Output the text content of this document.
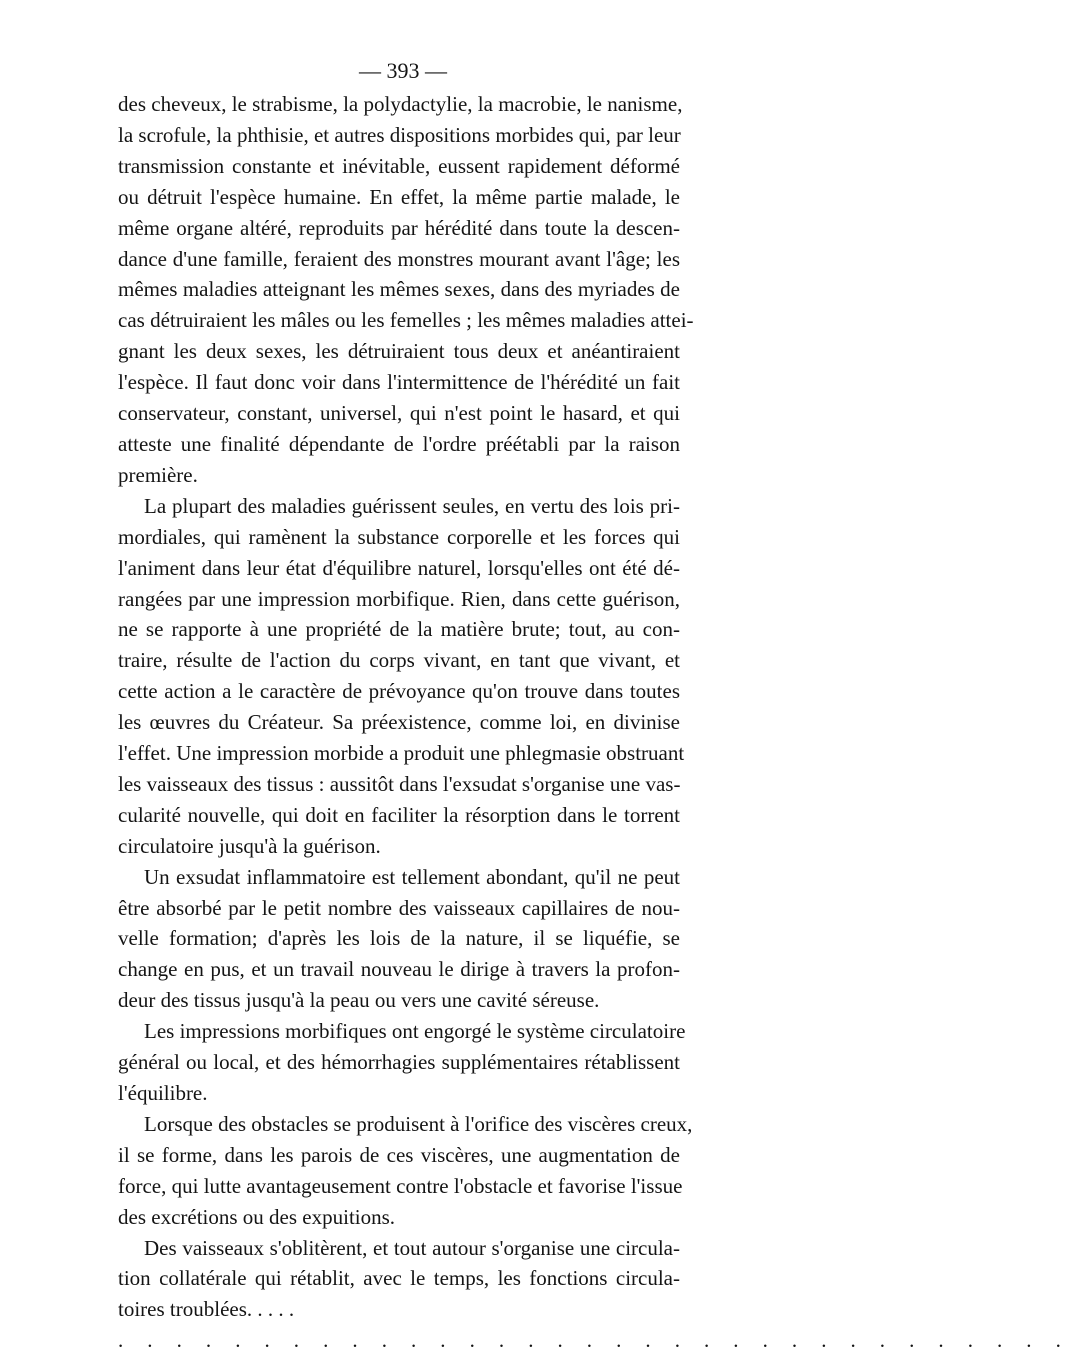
— 393 —
des cheveux, le strabisme, la polydactylie, la macrobie, le nanisme,
la scrofule, la phthisie, et autres dispositions morbides qui, par leur
transmission constante et inévitable, eussent rapidement déformé
ou détruit l'espèce humaine. En effet, la même partie malade, le
même organe altéré, reproduits par hérédité dans toute la descen-
dance d'une famille, feraient des monstres mourant avant l'âge; les
mêmes maladies atteignant les mêmes sexes, dans des myriades de
cas détruiraient les mâles ou les femelles ; les mêmes maladies attei-
gnant les deux sexes, les détruiraient tous deux et anéantiraient
l'espèce. Il faut donc voir dans l'intermittence de l'hérédité un fait
conservateur, constant, universel, qui n'est point le hasard, et qui
atteste une finalité dépendante de l'ordre préétabli par la raison
première.
La plupart des maladies guérissent seules, en vertu des lois pri-
mordiales, qui ramènent la substance corporelle et les forces qui
l'animent dans leur état d'équilibre naturel, lorsqu'elles ont été dé-
rangées par une impression morbifique. Rien, dans cette guérison,
ne se rapporte à une propriété de la matière brute; tout, au con-
traire, résulte de l'action du corps vivant, en tant que vivant, et
cette action a le caractère de prévoyance qu'on trouve dans toutes
les œuvres du Créateur. Sa préexistence, comme loi, en divinise
l'effet. Une impression morbide a produit une phlegmasie obstruant
les vaisseaux des tissus : aussitôt dans l'exsudat s'organise une vas-
cularité nouvelle, qui doit en faciliter la résorption dans le torrent
circulatoire jusqu'à la guérison.
Un exsudat inflammatoire est tellement abondant, qu'il ne peut
être absorbé par le petit nombre des vaisseaux capillaires de nou-
velle formation; d'après les lois de la nature, il se liquéfie, se
change en pus, et un travail nouveau le dirige à travers la profon-
deur des tissus jusqu'à la peau ou vers une cavité séreuse.
Les impressions morbifiques ont engorgé le système circulatoire
général ou local, et des hémorrhagies supplémentaires rétablissent
l'équilibre.
Lorsque des obstacles se produisent à l'orifice des viscères creux,
il se forme, dans les parois de ces viscères, une augmentation de
force, qui lutte avantageusement contre l'obstacle et favorise l'issue
des excrétions ou des expuitions.
Des vaisseaux s'oblitèrent, et tout autour s'organise une circula-
tion collatérale qui rétablit, avec le temps, les fonctions circula-
toires troublées. . . . .
. . . . . . . . . . . . . . . . . . . . . . . . . . . . . . . . .
